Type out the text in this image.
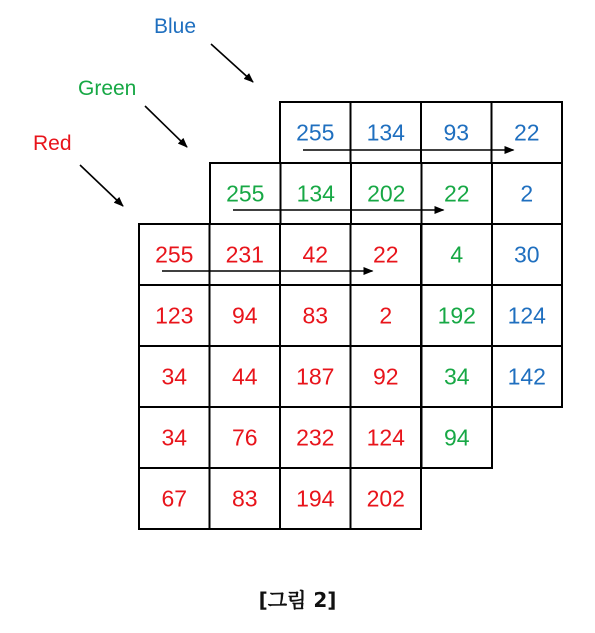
Blue
Green
Red	255 134 93 22
2
30
124
142
255 134 202 22
4
192
34
94
255 231 42 22
123 94 83 2
34 44 187 92
34 76 232 124
67 83 194 202
[그림 2]
